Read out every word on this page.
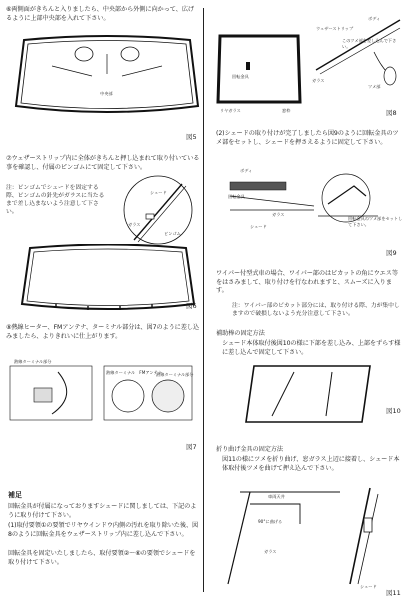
⑥両側面がきちんと入りましたら、中央部から外側に向かって、広げるように上部中央部を入れて下さい。
中央部
図5
⑦ウェザーストリップ内に全体がきちんと押し込まれて取り付いている事を確認し、付属のピンゴムにて固定して下さい。
注：ピンゴムでシェードを固定する際、ピンゴムの針先がガラスに当たるまで差し込まないよう注意して下さい。
シェード
ガラス
ピンゴム
図6
⑧熱線ヒーター、FMアンテナ、ターミナル部分は、図7のように差し込みましたら、よりきれいに仕上がります。
熱線ターミナル部分
熱線ターミナル　FMアンテナ
熱線ターミナル部分
図7
補足
回転金具が付属になっておりますシェードに関しましては、下記のように取り付けて下さい。
(1)取付要領①の要領でリヤウインドウ内側の汚れを取り除いた後、図8のように回転金具をウェザーストリップ内に差し込んで下さい。
回転金具を固定いたしましたら、取付要領②〜⑥の要領でシェードを取り付けて下さい。
ボディ
ウェザーストリップ
このツメ部を差し込んで下さい。
回転金具
ガラス
ツメ部
リヤガラス	窓枠	図8
(2)シェードの取り付けが完了しましたら図9のように回転金具のツメ部をセットし、シェードを押さえるように固定して下さい。
ボディ
回転金具
ガラス
シェード
回転金具のツメ部をセットして下さい。
図9
ワイパー付型式車の場合、ワイパー部のはビカットの角にウエス等をはさみまして、取り付けを行なわれますと、スムーズに入ります。
注：ワイパー部のビカット部分には、取り付ける際、力が集中しますので破損しないよう充分注意して下さい。
補助棒の固定方法
シェード本体取付後図10の様に下部を差し込み、上部をずらす様に差し込んで固定して下さい。
図10
折り曲げ金具の固定方法
図11の様にツメを折り曲げ、窓ガラス上辺に接着し、シェード本体取付後ツメを曲げて押え込んで下さい。
車両天井
90°に曲げる
ガラス
シェード
図11
